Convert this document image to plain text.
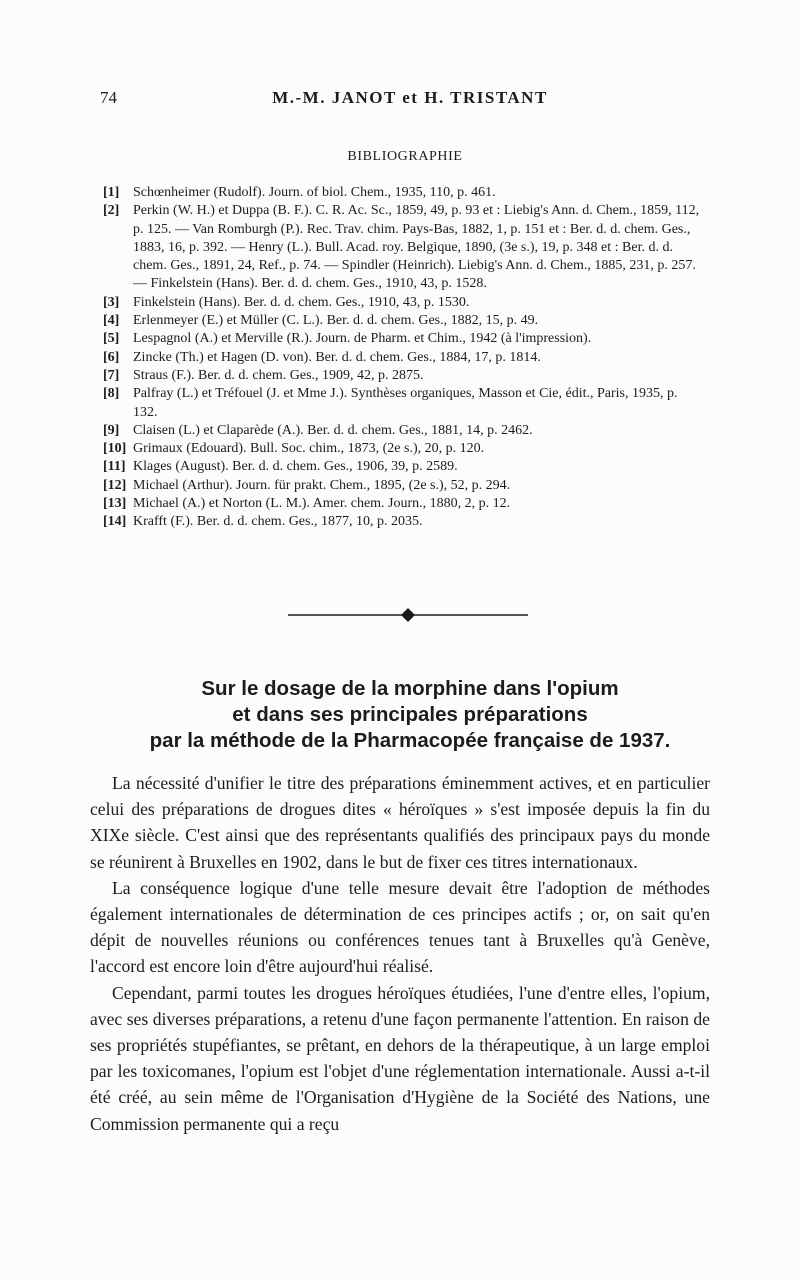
74	M.-M. JANOT et H. TRISTANT
BIBLIOGRAPHIE
[1] Schœnheimer (Rudolf). Journ. of biol. Chem., 1935, 110, p. 461.
[2] Perkin (W. H.) et Duppa (B. F.). C. R. Ac. Sc., 1859, 49, p. 93 et : Liebig's Ann. d. Chem., 1859, 112, p. 125. — Van Romburgh (P.). Rec. Trav. chim. Pays-Bas, 1882, 1, p. 151 et : Ber. d. d. chem. Ges., 1883, 16, p. 392. — Henry (L.). Bull. Acad. roy. Belgique, 1890, (3e s.), 19, p. 348 et : Ber. d. d. chem. Ges., 1891, 24, Ref., p. 74. — Spindler (Heinrich). Liebig's Ann. d. Chem., 1885, 231, p. 257. — Finkelstein (Hans). Ber. d. d. chem. Ges., 1910, 43, p. 1528.
[3] Finkelstein (Hans). Ber. d. d. chem. Ges., 1910, 43, p. 1530.
[4] Erlenmeyer (E.) et Müller (C. L.). Ber. d. d. chem. Ges., 1882, 15, p. 49.
[5] Lespagnol (A.) et Merville (R.). Journ. de Pharm. et Chim., 1942 (à l'impression).
[6] Zincke (Th.) et Hagen (D. von). Ber. d. d. chem. Ges., 1884, 17, p. 1814.
[7] Straus (F.). Ber. d. d. chem. Ges., 1909, 42, p. 2875.
[8] Palfray (L.) et Tréfouel (J. et Mme J.). Synthèses organiques, Masson et Cie, édit., Paris, 1935, p. 132.
[9] Claisen (L.) et Claparède (A.). Ber. d. d. chem. Ges., 1881, 14, p. 2462.
[10] Grimaux (Edouard). Bull. Soc. chim., 1873, (2e s.), 20, p. 120.
[11] Klages (August). Ber. d. d. chem. Ges., 1906, 39, p. 2589.
[12] Michael (Arthur). Journ. für prakt. Chem., 1895, (2e s.), 52, p. 294.
[13] Michael (A.) et Norton (L. M.). Amer. chem. Journ., 1880, 2, p. 12.
[14] Krafft (F.). Ber. d. d. chem. Ges., 1877, 10, p. 2035.
Sur le dosage de la morphine dans l'opium
et dans ses principales préparations
par la méthode de la Pharmacopée française de 1937.

La nécessité d'unifier le titre des préparations éminemment actives, et en particulier celui des préparations de drogues dites « héroïques » s'est imposée depuis la fin du XIXe siècle. C'est ainsi que des représentants qualifiés des principaux pays du monde se réunirent à Bruxelles en 1902, dans le but de fixer ces titres internationaux.

La conséquence logique d'une telle mesure devait être l'adoption de méthodes également internationales de détermination de ces principes actifs ; or, on sait qu'en dépit de nouvelles réunions ou conférences tenues tant à Bruxelles qu'à Genève, l'accord est encore loin d'être aujourd'hui réalisé.

Cependant, parmi toutes les drogues héroïques étudiées, l'une d'entre elles, l'opium, avec ses diverses préparations, a retenu d'une façon permanente l'attention. En raison de ses propriétés stupéfiantes, se prêtant, en dehors de la thérapeutique, à un large emploi par les toxicomanes, l'opium est l'objet d'une réglementation internationale. Aussi a-t-il été créé, au sein même de l'Organisation d'Hygiène de la Société des Nations, une Commission permanente qui a reçu
